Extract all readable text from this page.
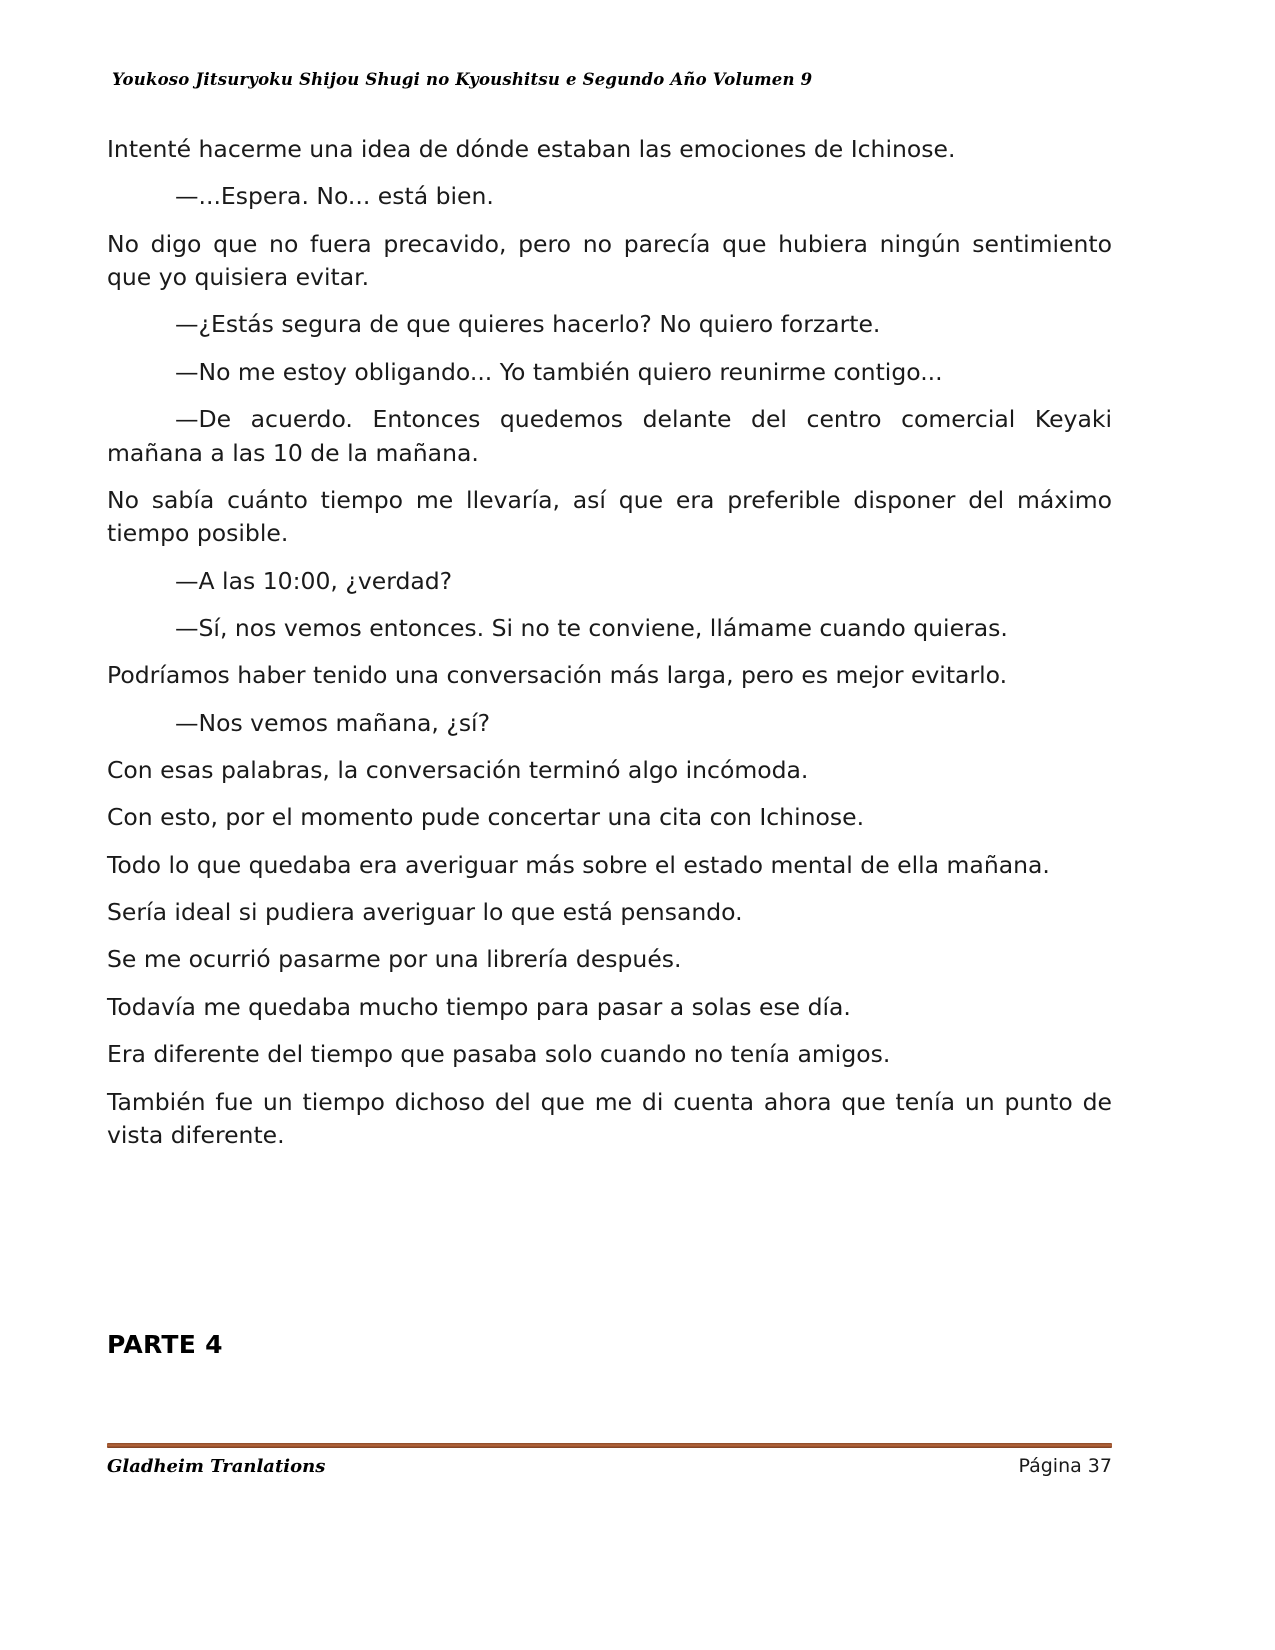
Youkoso Jitsuryoku Shijou Shugi no Kyoushitsu e Segundo Año Volumen 9

Intenté hacerme una idea de dónde estaban las emociones de Ichinose.

—...Espera. No... está bien.

No digo que no fuera precavido, pero no parecía que hubiera ningún sentimiento que yo quisiera evitar.

—¿Estás segura de que quieres hacerlo? No quiero forzarte.

—No me estoy obligando... Yo también quiero reunirme contigo...

—De acuerdo. Entonces quedemos delante del centro comercial Keyaki mañana a las 10 de la mañana.

No sabía cuánto tiempo me llevaría, así que era preferible disponer del máximo tiempo posible.

—A las 10:00, ¿verdad?

—Sí, nos vemos entonces. Si no te conviene, llámame cuando quieras.

Podríamos haber tenido una conversación más larga, pero es mejor evitarlo.

—Nos vemos mañana, ¿sí?

Con esas palabras, la conversación terminó algo incómoda.

Con esto, por el momento pude concertar una cita con Ichinose.

Todo lo que quedaba era averiguar más sobre el estado mental de ella mañana.

Sería ideal si pudiera averiguar lo que está pensando.

Se me ocurrió pasarme por una librería después.

Todavía me quedaba mucho tiempo para pasar a solas ese día.

Era diferente del tiempo que pasaba solo cuando no tenía amigos.

También fue un tiempo dichoso del que me di cuenta ahora que tenía un punto de vista diferente.

PARTE 4
Gladheim Tranlations	Página 37
